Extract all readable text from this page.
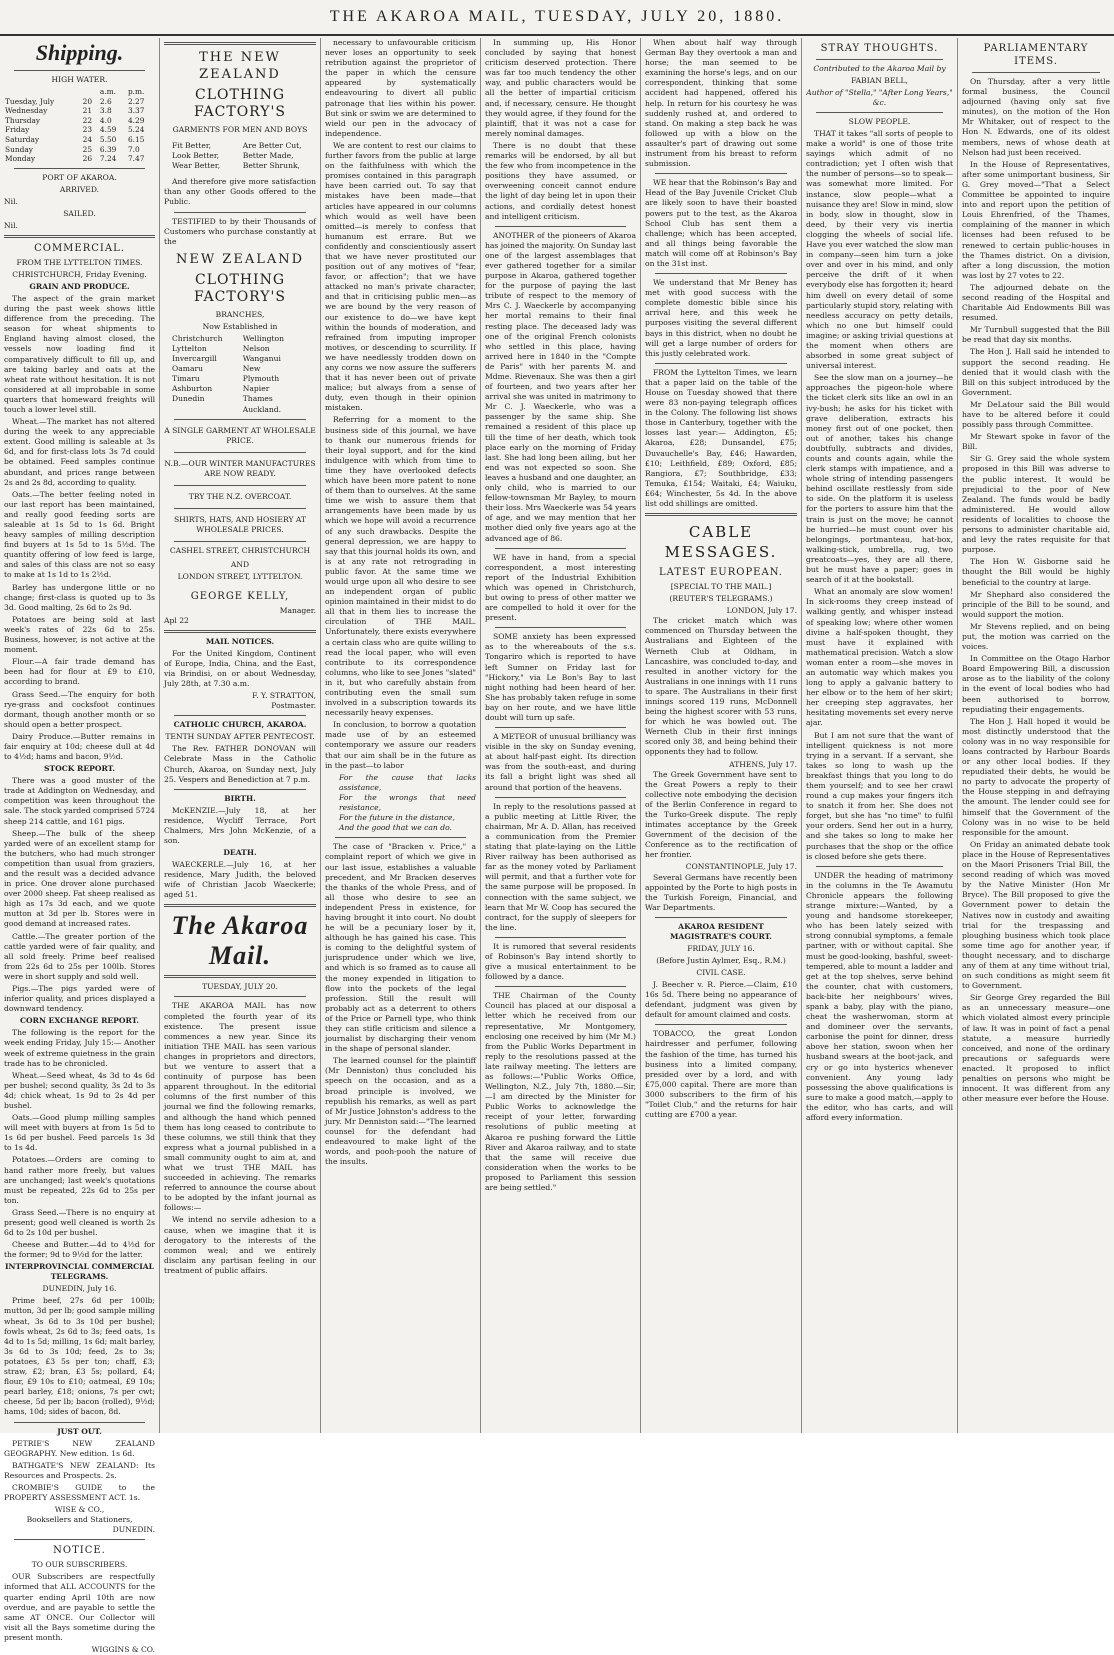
THE AKAROA MAIL, TUESDAY, JULY 20, 1880.
Shipping.
HIGH WATER.
		a.m.	p.m.
Tuesday, July	20	2.6	2.27
Wednesday	21	3.8	3.37
Thursday	22	4.0	4.29
Friday	23	4.59	5.24
Saturday	24	5.50	6.15
Sunday	25	6.39	7.0
Monday	26	7.24	7.47
PORT OF AKAROA.
ARRIVED.
Nil.
SAILED.
Nil.
COMMERCIAL.
FROM THE LYTTELTON TIMES.
CHRISTCHURCH, Friday Evening.
GRAIN AND PRODUCE.

The aspect of the grain market during the past week shows little difference from the preceding. The season for wheat shipments to England having almost closed, the vessels now loading find it comparatively difficult to fill up, and are taking barley and oats at the wheat rate without hesitation. It is not considered at all improbable in some quarters that homeward freights will touch a lower level still.

Wheat.—The market has not altered during the week to any appreciable extent. Good milling is saleable at 3s 6d, and for first-class lots 3s 7d could be obtained. Feed samples continue abundant, and prices range between 2s and 2s 8d, according to quality.

Oats.—The better feeling noted in our last report has been maintained, and really good feeding sorts are saleable at 1s 5d to 1s 6d. Bright heavy samples of milling description find buyers at 1s 5d to 1s 5½d. The quantity offering of low feed is large, and sales of this class are not so easy to make at 1s 1d to 1s 2½d.

Barley has undergone little or no change; first-class is quoted up to 3s 3d. Good malting, 2s 6d to 2s 9d.

Potatoes are being sold at last week's rates of 22s 6d to 25s. Business, however, is not active at the moment.

Flour.—A fair trade demand has been had for flour at £9 to £10, according to brand.

Grass Seed.—The enquiry for both rye-grass and cocksfoot continues dormant, though another month or so should open a better prospect.

Dairy Produce.—Butter remains in fair enquiry at 10d; cheese dull at 4d to 4½d; hams and bacon, 9½d.

STOCK REPORT.

There was a good muster of the trade at Addington on Wednesday, and competition was keen throughout the sale. The stock yarded comprised 5724 sheep 214 cattle, and 161 pigs.

Sheep.—The bulk of the sheep yarded were of an excellent stamp for the butchers, who had much stronger competition than usual from graziers, and the result was a decided advance in price. One drover alone purchased over 2000 sheep. Fat sheep realised as high as 17s 3d each, and we quote mutton at 3d per lb. Stores were in good demand at increased rates.

Cattle.—The greater portion of the cattle yarded were of fair quality, and all sold freely. Prime beef realised from 22s 6d to 25s per 100lb. Stores were in short supply and sold well.

Pigs.—The pigs yarded were of inferior quality, and prices displayed a downward tendency.

CORN EXCHANGE REPORT.

The following is the report for the week ending Friday, July 15:— Another week of extreme quietness in the grain trade has to be chronicled.

Wheat.—Seed wheat, 4s 3d to 4s 6d per bushel; second quality, 3s 2d to 3s 4d; chick wheat, 1s 9d to 2s 4d per bushel.

Oats.—Good plump milling samples will meet with buyers at from 1s 5d to 1s 6d per bushel. Feed parcels 1s 3d to 1s 4d.

Potatoes.—Orders are coming to hand rather more freely, but values are unchanged; last week's quotations must be repeated, 22s 6d to 25s per ton.

Grass Seed.—There is no enquiry at present; good well cleaned is worth 2s 6d to 2s 10d per bushel.

Cheese and Butter.—4d to 4½d for the former; 9d to 9½d for the latter.

INTERPROVINCIAL COMMERCIAL TELEGRAMS.
DUNEDIN, July 16.

Prime beef, 27s 6d per 100lb; mutton, 3d per lb; good sample milling wheat, 3s 6d to 3s 10d per bushel; fowls wheat, 2s 6d to 3s; feed oats, 1s 4d to 1s 5d; milling, 1s 6d; malt barley, 3s 6d to 3s 10d; feed, 2s to 3s; potatoes, £3 5s per ton; chaff, £3; straw, £2; bran, £3 5s; pollard, £4; flour, £9 10s to £10; oatmeal, £9 10s; pearl barley, £18; onions, 7s per cwt; cheese, 5d per lb; bacon (rolled), 9½d; hams, 10d; sides of bacon, 8d.

JUST OUT.

PETRIE'S NEW ZEALAND GEOGRAPHY. New edition. 1s 6d.

BATHGATE'S NEW ZEALAND: Its Resources and Prospects. 2s.

CROMBIE'S GUIDE to the PROPERTY ASSESSMENT ACT. 1s.

WISE & CO.,
Booksellers and Stationers,
DUNEDIN.
NOTICE.
TO OUR SUBSCRIBERS.

OUR Subscribers are respectfully informed that ALL ACCOUNTS for the quarter ending April 10th are now overdue, and are payable to settle the same AT ONCE. Our Collector will visit all the Bays sometime during the present month.

WIGGINS & CO.
THE NEW ZEALAND
CLOTHING FACTORY'S
GARMENTS FOR MEN AND BOYS
Fit Better,	Are Better Cut,
Look Better,	Better Made,
Wear Better,	Better Shrunk,

And therefore give more satisfaction than any other Goods offered to the Public.

TESTIFIED to by their Thousands of Customers who purchase constantly at the

NEW ZEALAND
CLOTHING FACTORY'S
BRANCHES,
Now Established in
Christchurch
Lyttelton
Invercargill
Oamaru
Timaru
Ashburton
Dunedin
Wellington
Nelson
Wanganui
New Plymouth
Napier
Thames
Auckland.
A SINGLE GARMENT AT WHOLESALE PRICE.
N.B.—OUR WINTER MANUFACTURES ARE NOW READY.
TRY THE N.Z. OVERCOAT.
SHIRTS, HATS, AND HOSIERY AT WHOLESALE PRICES.
CASHEL STREET, CHRISTCHURCH
AND
LONDON STREET, LYTTELTON.
GEORGE KELLY,
Manager.
Apl 22
MAIL NOTICES.

For the United Kingdom, Continent of Europe, India, China, and the East, via Brindisi, on or about Wednesday, July 28th, at 7.30 a.m.

F. Y. STRATTON,
Postmaster.
CATHOLIC CHURCH, AKAROA.
TENTH SUNDAY AFTER PENTECOST.

The Rev. FATHER DONOVAN will Celebrate Mass in the Catholic Church, Akaroa, on Sunday next, July 25. Vespers and Benediction at 7 p.m.

BIRTH.

McKENZIE.—July 18, at her residence, Wycliff Terrace, Port Chalmers, Mrs John McKenzie, of a son.

DEATH.

WAECKERLE.—July 16, at her residence, Mary Judith, the beloved wife of Christian Jacob Waeckerle; aged 51.

The Akaroa Mail.
TUESDAY, JULY 20.

THE AKAROA MAIL has now completed the fourth year of its existence. The present issue commences a new year. Since its initiation THE MAIL has seen various changes in proprietors and directors, but we venture to assert that a continuity of purpose has been apparent throughout. In the editorial columns of the first number of this journal we find the following remarks, and although the hand which penned them has long ceased to contribute to these columns, we still think that they express what a journal published in a small community ought to aim at, and what we trust THE MAIL has succeeded in achieving. The remarks referred to announce the course about to be adopted by the infant journal as follows:—

We intend no servile adhesion to a cause, when we imagine that it is derogatory to the interests of the common weal; and we entirely disclaim any partisan feeling in our treatment of public affairs.

necessary to unfavourable criticism never loses an opportunity to seek retribution against the proprietor of the paper in which the censure appeared by systematically endeavouring to divert all public patronage that lies within his power. But sink or swim we are determined to wield our pen in the advocacy of independence.

We are content to rest our claims to further favors from the public at large on the faithfulness with which the promises contained in this paragraph have been carried out. To say that mistakes have been made—that articles have appeared in our columns which would as well have been omitted—is merely to confess that humanum est errare. But we confidently and conscientiously assert that we have never prostituted our position out of any motives of "fear, favor, or affection"; that we have attacked no man's private character, and that in criticising public men—as we are bound by the very reason of our existence to do—we have kept within the bounds of moderation, and refrained from imputing improper motives, or descending to scurrility. If we have needlessly trodden down on any corns we now assure the sufferers that it has never been out of private malice; but always from a sense of duty, even though in their opinion mistaken.

Referring for a moment to the business side of this journal, we have to thank our numerous friends for their loyal support, and for the kind indulgence with which from time to time they have overlooked defects which have been more patent to none of them than to ourselves. At the same time we wish to assure them that arrangements have been made by us which we hope will avoid a recurrence of any such drawbacks. Despite the general depression, we are happy to say that this journal holds its own, and is at any rate not retrograding in public favor. At the same time we would urge upon all who desire to see an independent organ of public opinion maintained in their midst to do all that in them lies to increase the circulation of THE MAIL. Unfortunately, there exists everywhere a certain class who are quite willing to read the local paper, who will even contribute to its correspondence columns, who like to see Jones "slated" in it, but who carefully abstain from contributing even the small sum involved in a subscription towards its necessarily heavy expenses.

In conclusion, to borrow a quotation made use of by an esteemed contemporary we assure our readers that our aim shall be in the future as in the past—to labor

For the cause that lacks assistance,
For the wrongs that need resistance,
For the future in the distance,
And the good that we can do.

The case of "Bracken v. Price," a complaint report of which we give in our last issue, establishes a valuable precedent, and Mr Bracken deserves the thanks of the whole Press, and of all those who desire to see an independent Press in existence, for having brought it into court. No doubt he will be a pecuniary loser by it, although he has gained his case. This is coming to the delightful system of jurisprudence under which we live, and which is so framed as to cause all the money expended in litigation to flow into the pockets of the legal profession. Still the result will probably act as a deterrent to others of the Price or Parnell type, who think they can stifle criticism and silence a journalist by discharging their venom in the shape of personal slander.

The learned counsel for the plaintiff (Mr Denniston) thus concluded his speech on the occasion, and as a broad principle is involved, we republish his remarks, as well as part of Mr Justice Johnston's address to the jury. Mr Denniston said:—"The learned counsel for the defendant had endeavoured to make light of the words, and pooh-pooh the nature of the insults.

In summing up, His Honor concluded by saying that honest criticism deserved protection. There was far too much tendency the other way, and public characters would be all the better of impartial criticism and, if necessary, censure. He thought they would agree, if they found for the plaintiff, that it was not a case for merely nominal damages.

There is no doubt that these remarks will be endorsed, by all but the few who from incompetence in the positions they have assumed, or overweening conceit cannot endure the light of day being let in upon their actions, and cordially detest honest and intelligent criticism.

ANOTHER of the pioneers of Akaroa has joined the majority. On Sunday last one of the largest assemblages that ever gathered together for a similar purpose in Akaroa, gathered together for the purpose of paying the last tribute of respect to the memory of Mrs C. J. Waeckerle by accompanying her mortal remains to their final resting place. The deceased lady was one of the original French colonists who settled in this place, having arrived here in 1840 in the "Compte de Paris" with her parents M. and Mdme. Rievenaux. She was then a girl of fourteen, and two years after her arrival she was united in matrimony to Mr C. J. Waeckerle, who was a passenger by the same ship. She remained a resident of this place up till the time of her death, which took place early on the morning of Friday last. She had long been ailing, but her end was not expected so soon. She leaves a husband and one daughter, an only child, who is married to our fellow-townsman Mr Bayley, to mourn their loss. Mrs Waeckerle was 54 years of age, and we may mention that her mother died only five years ago at the advanced age of 86.

WE have in hand, from a special correspondent, a most interesting report of the Industrial Exhibition which was opened in Christchurch, but owing to press of other matter we are compelled to hold it over for the present.

SOME anxiety has been expressed as to the whereabouts of the s.s. Tongariro which is reported to have left Sumner on Friday last for "Hickory," via Le Bon's Bay to last night nothing had been heard of her. She has probably taken refuge in some bay on her route, and we have little doubt will turn up safe.

A METEOR of unusual brilliancy was visible in the sky on Sunday evening, at about half-past eight. Its direction was from the south-east, and during its fall a bright light was shed all around that portion of the heavens.

In reply to the resolutions passed at a public meeting at Little River, the chairman, Mr A. D. Allan, has received a communication from the Premier stating that plate-laying on the Little River railway has been authorised as far as the money voted by Parliament will permit, and that a further vote for the same purpose will be proposed. In connection with the same subject, we learn that Mr W. Coop has secured the contract, for the supply of sleepers for the line.

It is rumored that several residents of Robinson's Bay intend shortly to give a musical entertainment to be followed by a dance.

THE Chairman of the County Council has placed at our disposal a letter which he received from our representative, Mr Montgomery, enclosing one received by him (Mr M.) from the Public Works Department in reply to the resolutions passed at the late railway meeting. The letters are as follows:—"Public Works Office, Wellington, N.Z., July 7th, 1880.—Sir,—I am directed by the Minister for Public Works to acknowledge the receipt of your letter, forwarding resolutions of public meeting at Akaroa re pushing forward the Little River and Akaroa railway, and to state that the same will receive due consideration when the works to be proposed to Parliament this session are being settled."

When about half way through German Bay they overtook a man and horse; the man seemed to be examining the horse's legs, and on our correspondent, thinking that some accident had happened, offered his help. In return for his courtesy he was suddenly rushed at, and ordered to stand. On making a step back he was followed up with a blow on the assaulter's part of drawing out some instrument from his breast to reform submission.

WE hear that the Robinson's Bay and Head of the Bay Juvenile Cricket Club are likely soon to have their boasted powers put to the test, as the Akaroa School Club has sent them a challenge; which has been accepted, and all things being favorable the match will come off at Robinson's Bay on the 31st inst.

We understand that Mr Beney has met with good success with the complete domestic bible since his arrival here, and this week he purposes visiting the several different bays in this district, when no doubt he will get a large number of orders for this justly celebrated work.

FROM the Lyttelton Times, we learn that a paper laid on the table of the House on Tuesday showed that there were 83 non-paying telegraph offices in the Colony. The following list shows those in Canterbury, together with the losses last year:— Addington, £5; Akaroa, £28; Dunsandel, £75; Duvauchelle's Bay, £46; Hawarden, £10; Leithfield, £89; Oxford, £85; Rangiora, £7; Southbridge, £33; Temuka, £154; Waitaki, £4; Waiuku, £64; Winchester, 5s 4d. In the above list odd shillings are omitted.

CABLE MESSAGES.
LATEST EUROPEAN.
[SPECIAL TO THE MAIL.]
(REUTER'S TELEGRAMS.)
LONDON, July 17.

The cricket match which was commenced on Thursday between the Australians and Eighteen of the Werneth Club at Oldham, in Lancashire, was concluded to-day, and resulted in another victory for the Australians in one innings with 11 runs to spare. The Australians in their first innings scored 119 runs, McDonnell being the highest scorer with 53 runs, for which he was bowled out. The Werneth Club in their first innings scored only 38, and being behind their opponents they had to follow.

ATHENS, July 17.

The Greek Government have sent to the Great Powers a reply to their collective note embodying the decision of the Berlin Conference in regard to the Turko-Greek dispute. The reply intimates acceptance by the Greek Government of the decision of the Conference as to the rectification of her frontier.

CONSTANTINOPLE, July 17.

Several Germans have recently been appointed by the Porte to high posts in the Turkish Foreign, Financial, and War Departments.

AKAROA RESIDENT MAGISTRATE'S COURT.
FRIDAY, JULY 16.
(Before Justin Aylmer, Esq., R.M.)
CIVIL CASE.

J. Beecher v. R. Pierce.—Claim, £10 16s 5d. There being no appearance of defendant, judgment was given by default for amount claimed and costs.

TOBACCO, the great London hairdresser and perfumer, following the fashion of the time, has turned his business into a limited company, presided over by a lord, and with £75,000 capital. There are more than 3000 subscribers to the firm of his "Toilet Club," and the returns for hair cutting are £700 a year.

STRAY THOUGHTS.
Contributed to the Akaroa Mail by
FABIAN BELL,
Author of "Stella," "After Long Years," &c.
SLOW PEOPLE.

THAT it takes "all sorts of people to make a world" is one of those trite sayings which admit of no contradiction; yet I often wish that the number of persons—so to speak—was somewhat more limited. For instance, slow people—what a nuisance they are! Slow in mind, slow in body, slow in thought, slow in deed, by their very vis inertia clogging the wheels of social life. Have you ever watched the slow man in company—seen him turn a joke over and over in his mind, and only perceive the drift of it when everybody else has forgotten it; heard him dwell on every detail of some particularly stupid story, relating with needless accuracy on petty details, which no one but himself could imagine; or asking trivial questions at the moment when others are absorbed in some great subject of universal interest.

See the slow man on a journey—he approaches the pigeon-hole where the ticket clerk sits like an owl in an ivy-bush; he asks for his ticket with grave deliberation, extracts his money first out of one pocket, then out of another, takes his change doubtfully, subtracts and divides, counts and counts again, while the clerk stamps with impatience, and a whole string of intending passengers behind oscillate restlessly from side to side. On the platform it is useless for the porters to assure him that the train is just on the move; he cannot be hurried—he must count over his belongings, portmanteau, hat-box, walking-stick, umbrella, rug, two greatcoats—yes, they are all there, but he must have a paper; goes in search of it at the bookstall.

What an anomaly are slow women! In sick-rooms they creep instead of walking gently, and whisper instead of speaking low; where other women divine a half-spoken thought, they must have it explained with mathematical precision. Watch a slow woman enter a room—she moves in an automatic way which makes you long to apply a galvanic battery to her elbow or to the hem of her skirt; her creeping step aggravates, her hesitating movements set every nerve ajar.

But I am not sure that the want of intelligent quickness is not more trying in a servant. If a servant, she takes so long to wash up the breakfast things that you long to do them yourself; and to see her crawl round a cup makes your fingers itch to snatch it from her. She does not forget, but she has "no time" to fulfil your orders. Send her out in a hurry, and she takes so long to make her purchases that the shop or the office is closed before she gets there.

UNDER the heading of matrimony in the columns in the Te Awamutu Chronicle appears the following strange mixture:—Wanted, by a young and handsome storekeeper, who has been lately seized with strong connubial symptoms, a female partner, with or without capital. She must be good-looking, bashful, sweet-tempered, able to mount a ladder and get at the top shelves, serve behind the counter, chat with customers, back-bite her neighbours' wives, spank a baby, play with the piano, cheat the washerwoman, storm at and domineer over the servants, carbonise the point for dinner, dress above her station, swoon when her husband swears at the boot-jack, and cry or go into hysterics whenever convenient. Any young lady possessing the above qualifications is sure to make a good match,—apply to the editor, who has carts, and will afford every information.

PARLIAMENTARY ITEMS.

On Thursday, after a very little formal business, the Council adjourned (having only sat five minutes), on the motion of the Hon Mr Whitaker, out of respect to the Hon N. Edwards, one of its oldest members, news of whose death at Nelson had just been received.

In the House of Representatives, after some unimportant business, Sir G. Grey moved—"That a Select Committee be appointed to inquire into and report upon the petition of Louis Ehrenfried, of the Thames, complaining of the manner in which licenses had been refused to be renewed to certain public-houses in the Thames district. On a division, after a long discussion, the motion was lost by 27 votes to 22.

The adjourned debate on the second reading of the Hospital and Charitable Aid Endowments Bill was resumed.

Mr Turnbull suggested that the Bill be read that day six months.

The Hon J. Hall said he intended to support the second reading. He denied that it would clash with the Bill on this subject introduced by the Government.

Mr DeLatour said the Bill would have to be altered before it could possibly pass through Committee.

Mr Stewart spoke in favor of the Bill.

Sir G. Grey said the whole system proposed in this Bill was adverse to the public interest. It would be prejudicial to the poor of New Zealand. The funds would be badly administered. He would allow residents of localities to choose the persons to administer charitable aid, and levy the rates requisite for that purpose.

The Hon W. Gisborne said he thought the Bill would be highly beneficial to the country at large.

Mr Shephard also considered the principle of the Bill to be sound, and would support the motion.

Mr Stevens replied, and on being put, the motion was carried on the voices.

In Committee on the Otago Harbor Board Empowering Bill, a discussion arose as to the liability of the colony in the event of local bodies who had been authorised to borrow, repudiating their engagements.

The Hon J. Hall hoped it would be most distinctly understood that the colony was in no way responsible for loans contracted by Harbour Boards or any other local bodies. If they repudiated their debts, he would be no party to advocate the property of the House stepping in and defraying the amount. The lender could see for himself that the Government of the Colony was in no wise to be held responsible for the amount.

On Friday an animated debate took place in the House of Representatives on the Maori Prisoners Trial Bill, the second reading of which was moved by the Native Minister (Hon Mr Bryce). The Bill proposed to give the Government power to detain the Natives now in custody and awaiting trial for the trespassing and ploughing business which took place some time ago for another year, if thought necessary, and to discharge any of them at any time without trial, on such conditions as might seem fit to Government.

Sir George Grey regarded the Bill as an unnecessary measure—one which violated almost every principle of law. It was in point of fact a penal statute, a measure hurriedly conceived, and none of the ordinary precautions or safeguards were enacted. It proposed to inflict penalties on persons who might be innocent. It was different from any other measure ever before the House.
